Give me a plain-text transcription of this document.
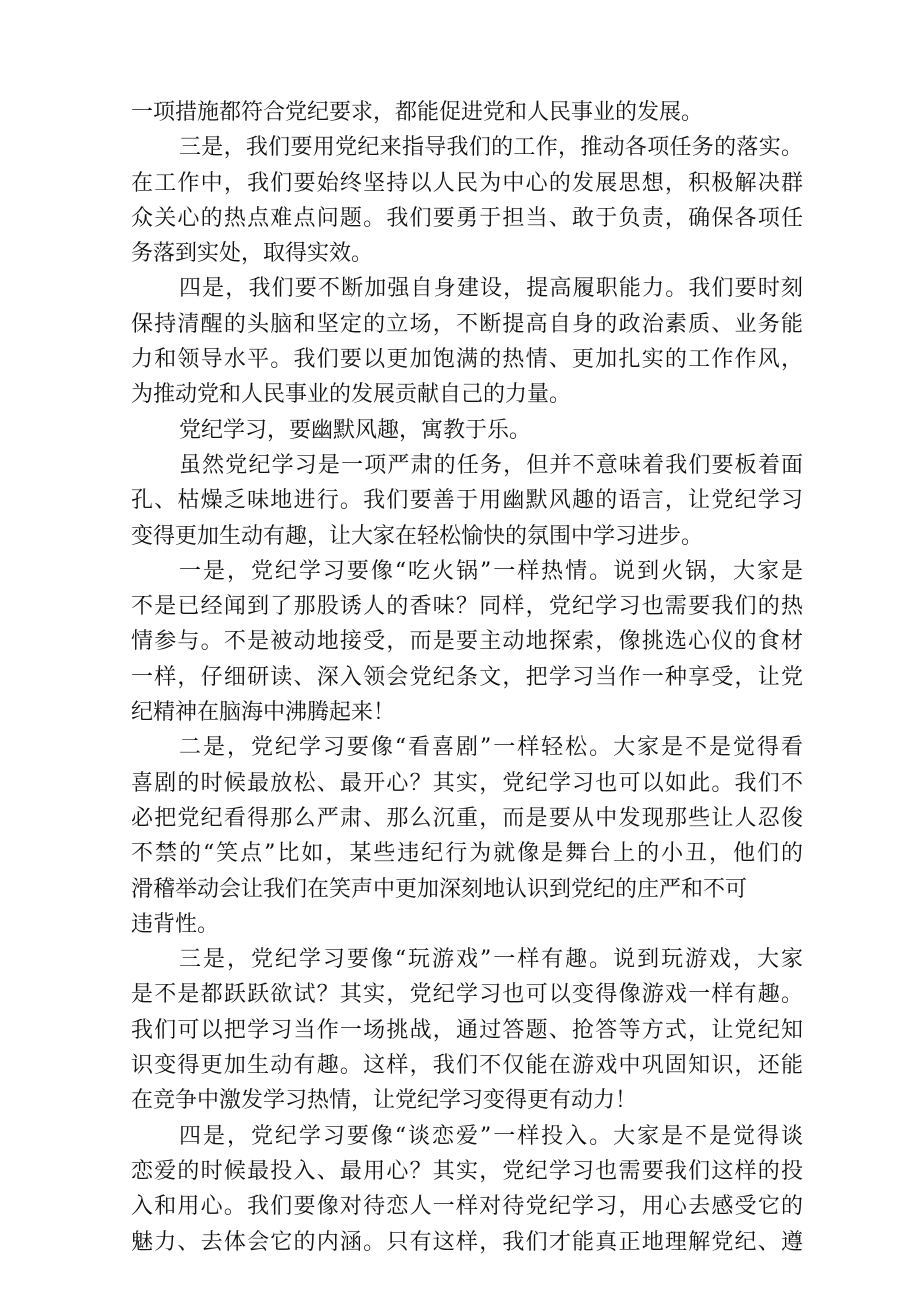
一项措施都符合党纪要求，都能促进党和人民事业的发展。
三是，我们要用党纪来指导我们的工作，推动各项任务的落实。
在工作中，我们要始终坚持以人民为中心的发展思想，积极解决群
众关心的热点难点问题。我们要勇于担当、敢于负责，确保各项任
务落到实处，取得实效。
四是，我们要不断加强自身建设，提高履职能力。我们要时刻
保持清醒的头脑和坚定的立场，不断提高自身的政治素质、业务能
力和领导水平。我们要以更加饱满的热情、更加扎实的工作作风，
为推动党和人民事业的发展贡献自己的力量。
党纪学习，要幽默风趣，寓教于乐。
虽然党纪学习是一项严肃的任务，但并不意味着我们要板着面
孔、枯燥乏味地进行。我们要善于用幽默风趣的语言，让党纪学习
变得更加生动有趣，让大家在轻松愉快的氛围中学习进步。
一是，党纪学习要像“吃火锅”一样热情。说到火锅，大家是
不是已经闻到了那股诱人的香味？同样，党纪学习也需要我们的热
情参与。不是被动地接受，而是要主动地探索，像挑选心仪的食材
一样，仔细研读、深入领会党纪条文，把学习当作一种享受，让党
纪精神在脑海中沸腾起来！
二是，党纪学习要像“看喜剧”一样轻松。大家是不是觉得看
喜剧的时候最放松、最开心？其实，党纪学习也可以如此。我们不
必把党纪看得那么严肃、那么沉重，而是要从中发现那些让人忍俊
不禁的“笑点”比如，某些违纪行为就像是舞台上的小丑，他们的
滑稽举动会让我们在笑声中更加深刻地认识到党纪的庄严和不可
违背性。
三是，党纪学习要像“玩游戏”一样有趣。说到玩游戏，大家
是不是都跃跃欲试？其实，党纪学习也可以变得像游戏一样有趣。
我们可以把学习当作一场挑战，通过答题、抢答等方式，让党纪知
识变得更加生动有趣。这样，我们不仅能在游戏中巩固知识，还能
在竞争中激发学习热情，让党纪学习变得更有动力！
四是，党纪学习要像“谈恋爱”一样投入。大家是不是觉得谈
恋爱的时候最投入、最用心？其实，党纪学习也需要我们这样的投
入和用心。我们要像对待恋人一样对待党纪学习，用心去感受它的
魅力、去体会它的内涵。只有这样，我们才能真正地理解党纪、遵
